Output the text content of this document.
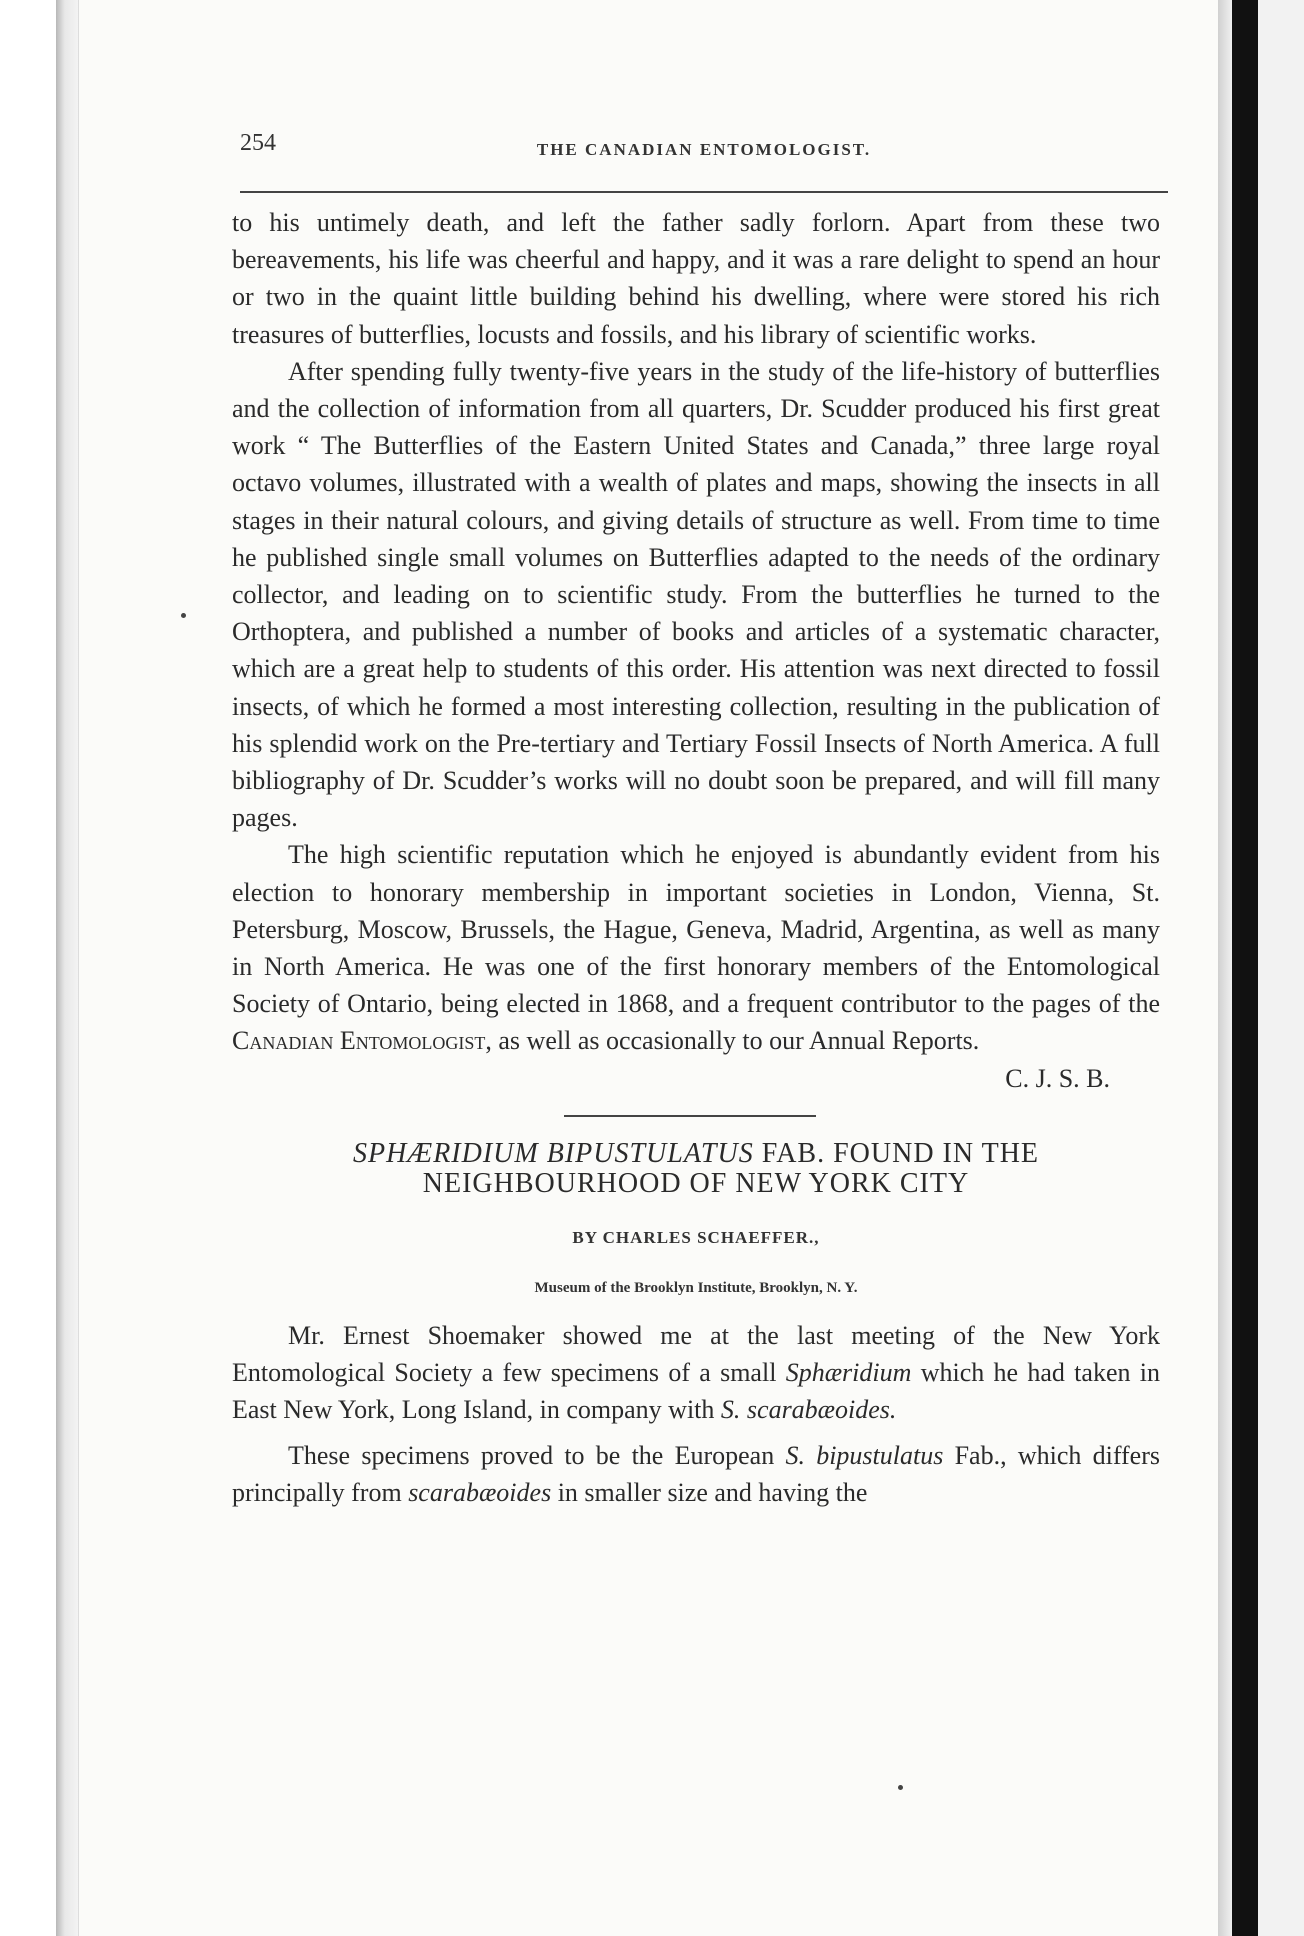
254	THE CANADIAN ENTOMOLOGIST.

to his untimely death, and left the father sadly forlorn. Apart from these two bereavements, his life was cheerful and happy, and it was a rare delight to spend an hour or two in the quaint little building behind his dwelling, where were stored his rich treasures of butterflies, locusts and fossils, and his library of scientific works.

After spending fully twenty-five years in the study of the life-history of butterflies and the collection of information from all quarters, Dr. Scudder produced his first great work “ The Butterflies of the Eastern United States and Canada,” three large royal octavo volumes, illustrated with a wealth of plates and maps, showing the insects in all stages in their natural colours, and giving details of structure as well. From time to time he published single small volumes on Butterflies adapted to the needs of the ordinary collector, and leading on to scientific study. From the butterflies he turned to the Orthoptera, and published a number of books and articles of a systematic character, which are a great help to students of this order. His attention was next directed to fossil insects, of which he formed a most interesting collection, resulting in the publication of his splendid work on the Pre-tertiary and Tertiary Fossil Insects of North America. A full bibliography of Dr. Scudder’s works will no doubt soon be prepared, and will fill many pages.

The high scientific reputation which he enjoyed is abundantly evident from his election to honorary membership in important societies in London, Vienna, St. Petersburg, Moscow, Brussels, the Hague, Geneva, Madrid, Argentina, as well as many in North America. He was one of the first honorary members of the Entomological Society of Ontario, being elected in 1868, and a frequent contributor to the pages of the Canadian Entomologist, as well as occasionally to our Annual Reports.

C. J. S. B.

SPHÆRIDIUM BIPUSTULATUS FAB. FOUND IN THE
NEIGHBOURHOOD OF NEW YORK CITY
BY CHARLES SCHAEFFER.,
Museum of the Brooklyn Institute, Brooklyn, N. Y.

Mr. Ernest Shoemaker showed me at the last meeting of the New York Entomological Society a few specimens of a small Sphæridium which he had taken in East New York, Long Island, in company with S. scarabæoides.

These specimens proved to be the European S. bipustulatus Fab., which differs principally from scarabæoides in smaller size and having the
